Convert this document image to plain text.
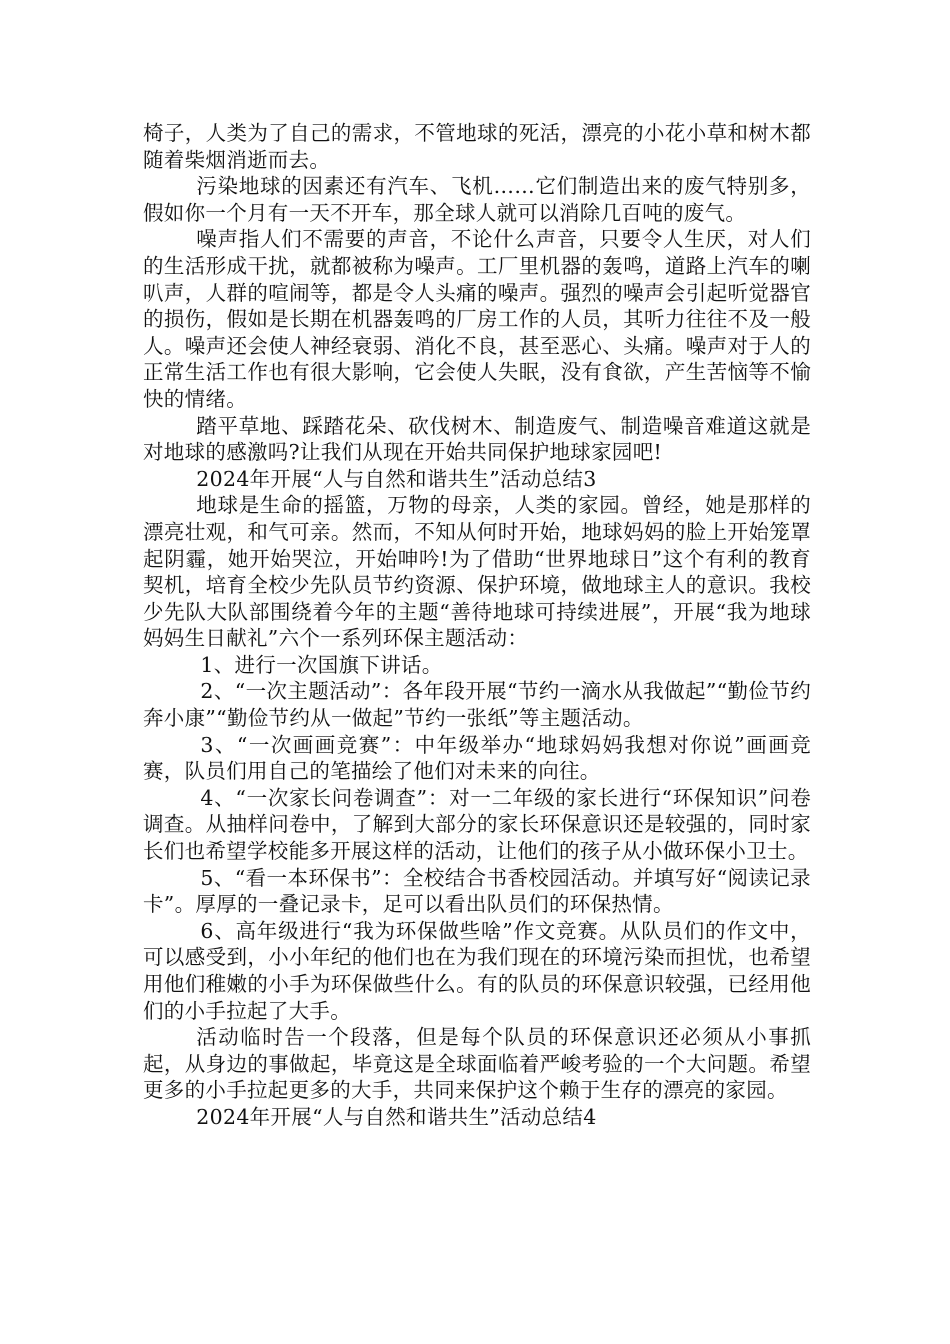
椅子，人类为了自己的需求，不管地球的死活，漂亮的小花小草和树木都随着柴烟消逝而去。

污染地球的因素还有汽车、飞机……它们制造出来的废气特别多，假如你一个月有一天不开车，那全球人就可以消除几百吨的废气。

噪声指人们不需要的声音，不论什么声音，只要令人生厌，对人们的生活形成干扰，就都被称为噪声。工厂里机器的轰鸣，道路上汽车的喇叭声，人群的喧闹等，都是令人头痛的噪声。强烈的噪声会引起听觉器官的损伤，假如是长期在机器轰鸣的厂房工作的人员，其听力往往不及一般人。噪声还会使人神经衰弱、消化不良，甚至恶心、头痛。噪声对于人的正常生活工作也有很大影响，它会使人失眠，没有食欲，产生苦恼等不愉快的情绪。

踏平草地、踩踏花朵、砍伐树木、制造废气、制造噪音难道这就是对地球的感激吗?让我们从现在开始共同保护地球家园吧!

2024年开展“人与自然和谐共生”活动总结3

地球是生命的摇篮，万物的母亲，人类的家园。曾经，她是那样的漂亮壮观，和气可亲。然而，不知从何时开始，地球妈妈的脸上开始笼罩起阴霾，她开始哭泣，开始呻吟!为了借助“世界地球日”这个有利的教育契机，培育全校少先队员节约资源、保护环境，做地球主人的意识。我校少先队大队部围绕着今年的主题“善待地球可持续进展”，开展“我为地球妈妈生日献礼”六个一系列环保主题活动：

1、进行一次国旗下讲话。

2、“一次主题活动”：各年段开展“节约一滴水从我做起”“勤俭节约奔小康”“勤俭节约从一做起”节约一张纸”等主题活动。

3、“一次画画竞赛”：中年级举办“地球妈妈我想对你说”画画竞赛，队员们用自己的笔描绘了他们对未来的向往。

4、“一次家长问卷调查”：对一二年级的家长进行“环保知识”问卷调查。从抽样问卷中，了解到大部分的家长环保意识还是较强的，同时家长们也希望学校能多开展这样的活动，让他们的孩子从小做环保小卫士。

5、“看一本环保书”：全校结合书香校园活动。并填写好“阅读记录卡”。厚厚的一叠记录卡，足可以看出队员们的环保热情。

6、高年级进行“我为环保做些啥”作文竞赛。从队员们的作文中，可以感受到，小小年纪的他们也在为我们现在的环境污染而担忧，也希望用他们稚嫩的小手为环保做些什么。有的队员的环保意识较强，已经用他们的小手拉起了大手。

活动临时告一个段落，但是每个队员的环保意识还必须从小事抓起，从身边的事做起，毕竟这是全球面临着严峻考验的一个大问题。希望更多的小手拉起更多的大手，共同来保护这个赖于生存的漂亮的家园。

2024年开展“人与自然和谐共生”活动总结4
